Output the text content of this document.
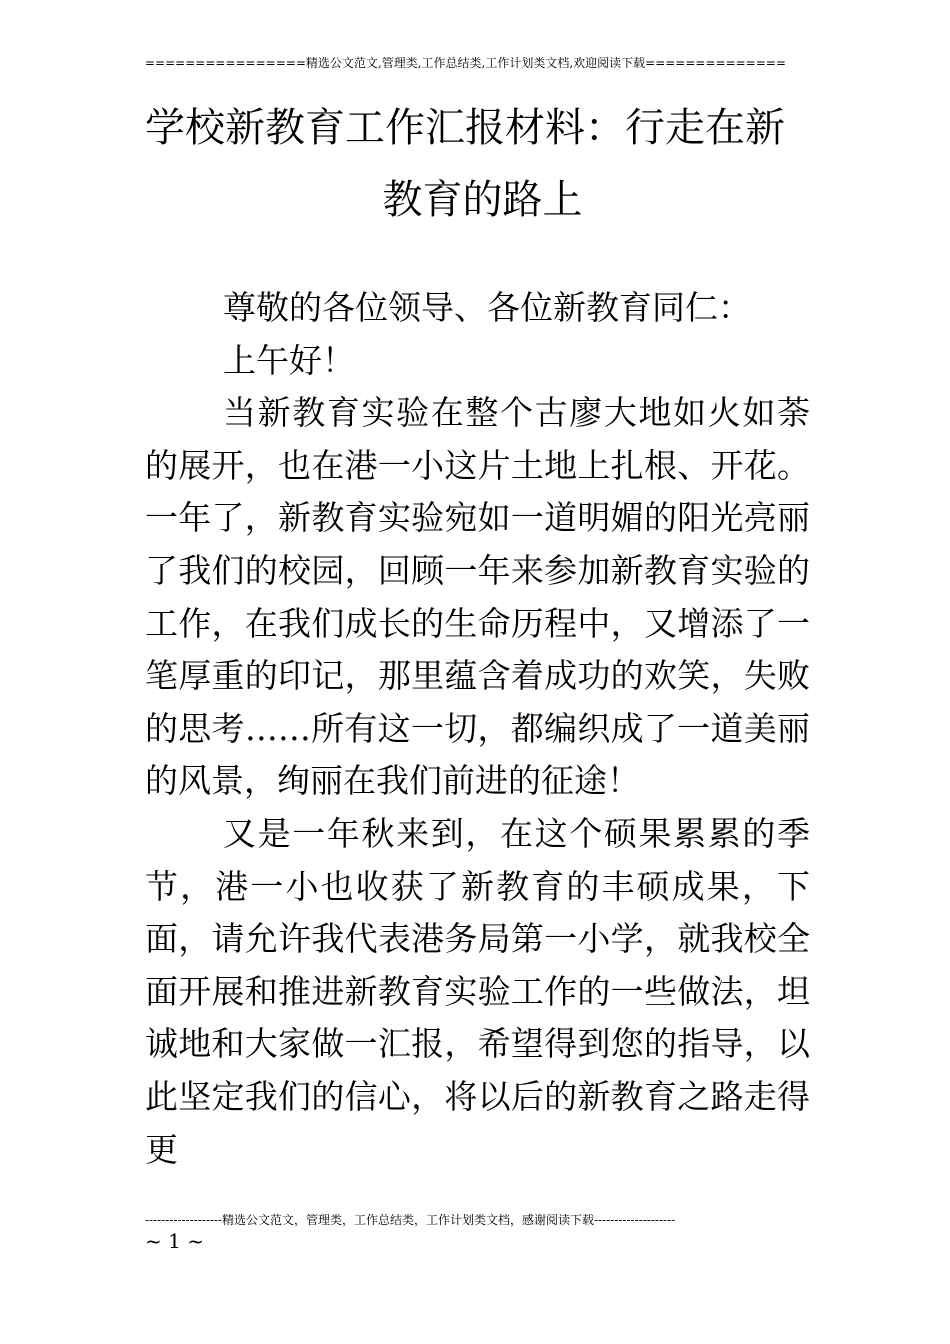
================精选公文范文,管理类,工作总结类,工作计划类文档,欢迎阅读下载==============
学校新教育工作汇报材料：行走在新
教育的路上

尊敬的各位领导、各位新教育同仁：

上午好！

当新教育实验在整个古廖大地如火如荼的展开，也在港一小这片土地上扎根、开花。一年了，新教育实验宛如一道明媚的阳光亮丽了我们的校园，回顾一年来参加新教育实验的工作，在我们成长的生命历程中，又增添了一笔厚重的印记，那里蕴含着成功的欢笑，失败的思考……所有这一切，都编织成了一道美丽的风景，绚丽在我们前进的征途！

又是一年秋来到，在这个硕果累累的季节，港一小也收获了新教育的丰硕成果，下面，请允许我代表港务局第一小学，就我校全面开展和推进新教育实验工作的一些做法，坦诚地和大家做一汇报，希望得到您的指导，以此坚定我们的信心，将以后的新教育之路走得更

-------------------精选公文范文，管理类，工作总结类，工作计划类文档，感谢阅读下载--------------------
~ 1 ~
